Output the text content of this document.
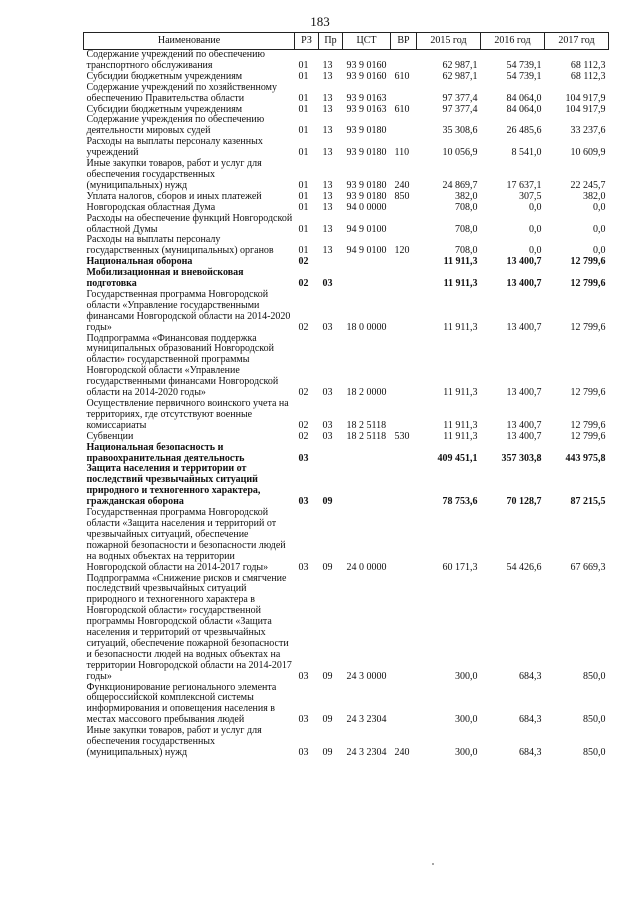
183
Наименование	РЗ	Пр	ЦСТ	ВР	2015 год	2016 год	2017 год
Содержание учреждений по обеспечению транспортного обслуживания	01	13	93 9 0160		62 987,1	54 739,1	68 112,3
Субсидии бюджетным учреждениям	01	13	93 9 0160	610	62 987,1	54 739,1	68 112,3
Содержание учреждений по хозяйственному обеспечению Правительства области	01	13	93 9 0163		97 377,4	84 064,0	104 917,9
Субсидии бюджетным учреждениям	01	13	93 9 0163	610	97 377,4	84 064,0	104 917,9
Содержание учреждения по обеспечению деятельности мировых судей	01	13	93 9 0180		35 308,6	26 485,6	33 237,6
Расходы на выплаты персоналу казенных учреждений	01	13	93 9 0180	110	10 056,9	8 541,0	10 609,9
Иные закупки товаров, работ и услуг для обеспечения государственных (муниципальных) нужд	01	13	93 9 0180	240	24 869,7	17 637,1	22 245,7
Уплата налогов, сборов и иных платежей	01	13	93 9 0180	850	382,0	307,5	382,0
Новгородская областная Дума	01	13	94 0 0000		708,0	0,0	0,0
Расходы на обеспечение функций Новгородской областной Думы	01	13	94 9 0100		708,0	0,0	0,0
Расходы на выплаты персоналу государственных (муниципальных) органов	01	13	94 9 0100	120	708,0	0,0	0,0
Национальная оборона	02				11 911,3	13 400,7	12 799,6
Мобилизационная и вневойсковая подготовка	02	03			11 911,3	13 400,7	12 799,6
Государственная программа Новгородской области «Управление государственными финансами Новгородской области на 2014-2020 годы»	02	03	18 0 0000		11 911,3	13 400,7	12 799,6
Подпрограмма «Финансовая поддержка муниципальных образований Новгородской области» государственной программы Новгородской области «Управление государственными финансами Новгородской области на 2014-2020 годы»	02	03	18 2 0000		11 911,3	13 400,7	12 799,6
Осуществление первичного воинского учета на территориях, где отсутствуют военные комиссариаты	02	03	18 2 5118		11 911,3	13 400,7	12 799,6
Субвенции	02	03	18 2 5118	530	11 911,3	13 400,7	12 799,6
Национальная безопасность и правоохранительная деятельность	03				409 451,1	357 303,8	443 975,8
Защита населения и территории от последствий чрезвычайных ситуаций природного и техногенного характера, гражданская оборона	03	09			78 753,6	70 128,7	87 215,5
Государственная программа Новгородской области «Защита населения и территорий от чрезвычайных ситуаций, обеспечение пожарной безопасности и безопасности людей на водных объектах на территории Новгородской области на 2014-2017 годы»	03	09	24 0 0000		60 171,3	54 426,6	67 669,3
Подпрограмма «Снижение рисков и смягчение последствий чрезвычайных ситуаций природного и техногенного характера в Новгородской области» государственной программы Новгородской области «Защита населения и территорий от чрезвычайных ситуаций, обеспечение пожарной безопасности и безопасности людей на водных объектах на территории Новгородской области на 2014-2017 годы»	03	09	24 3 0000		300,0	684,3	850,0
Функционирование регионального элемента общероссийской комплексной системы информирования и оповещения населения в местах массового пребывания людей	03	09	24 3 2304		300,0	684,3	850,0
Иные закупки товаров, работ и услуг для обеспечения государственных (муниципальных) нужд	03	09	24 3 2304	240	300,0	684,3	850,0
